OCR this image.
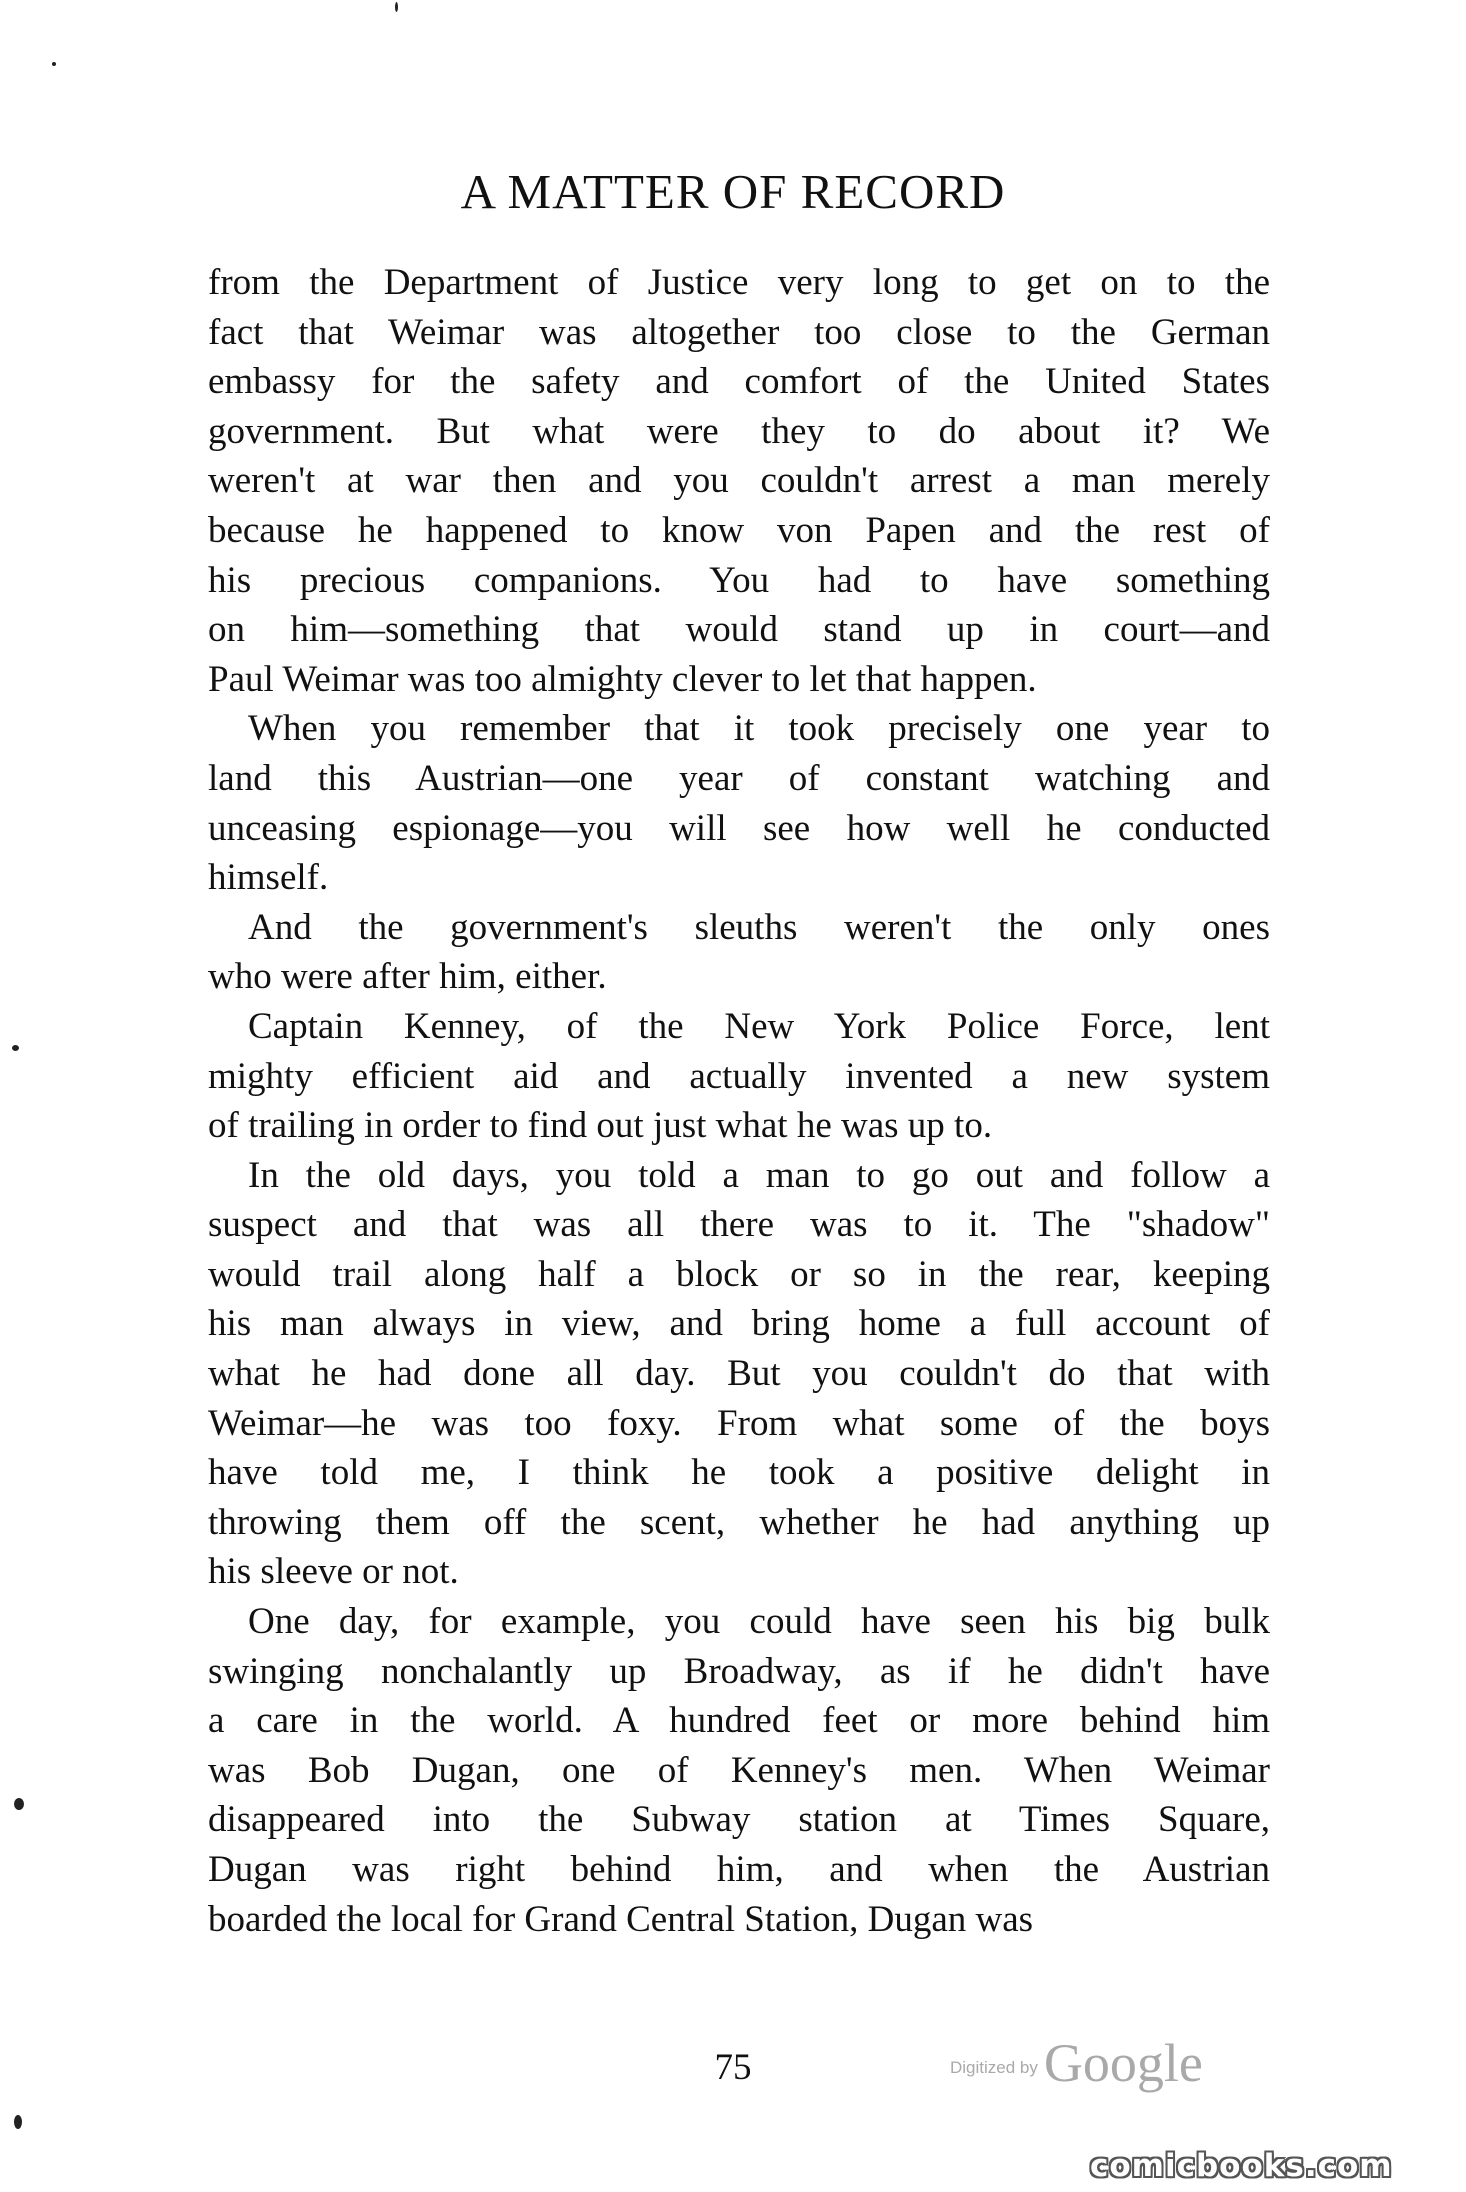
A MATTER OF RECORD
from the Department of Justice very long to get on to the
fact that Weimar was altogether too close to the German
embassy for the safety and comfort of the United States
government. But what were they to do about it? We
weren't at war then and you couldn't arrest a man merely
because he happened to know von Papen and the rest of
his precious companions. You had to have something
on him—something that would stand up in court—and
Paul Weimar was too almighty clever to let that happen.
When you remember that it took precisely one year to
land this Austrian—one year of constant watching and
unceasing espionage—you will see how well he conducted
himself.
And the government's sleuths weren't the only ones
who were after him, either.
Captain Kenney, of the New York Police Force, lent
mighty efficient aid and actually invented a new system
of trailing in order to find out just what he was up to.
In the old days, you told a man to go out and follow a
suspect and that was all there was to it. The "shadow"
would trail along half a block or so in the rear, keeping
his man always in view, and bring home a full account of
what he had done all day. But you couldn't do that with
Weimar—he was too foxy. From what some of the boys
have told me, I think he took a positive delight in
throwing them off the scent, whether he had anything up
his sleeve or not.
One day, for example, you could have seen his big bulk
swinging nonchalantly up Broadway, as if he didn't have
a care in the world. A hundred feet or more behind him
was Bob Dugan, one of Kenney's men. When Weimar
disappeared into the Subway station at Times Square,
Dugan was right behind him, and when the Austrian
boarded the local for Grand Central Station, Dugan was
75	Digitized by Google
comicbooks.com
